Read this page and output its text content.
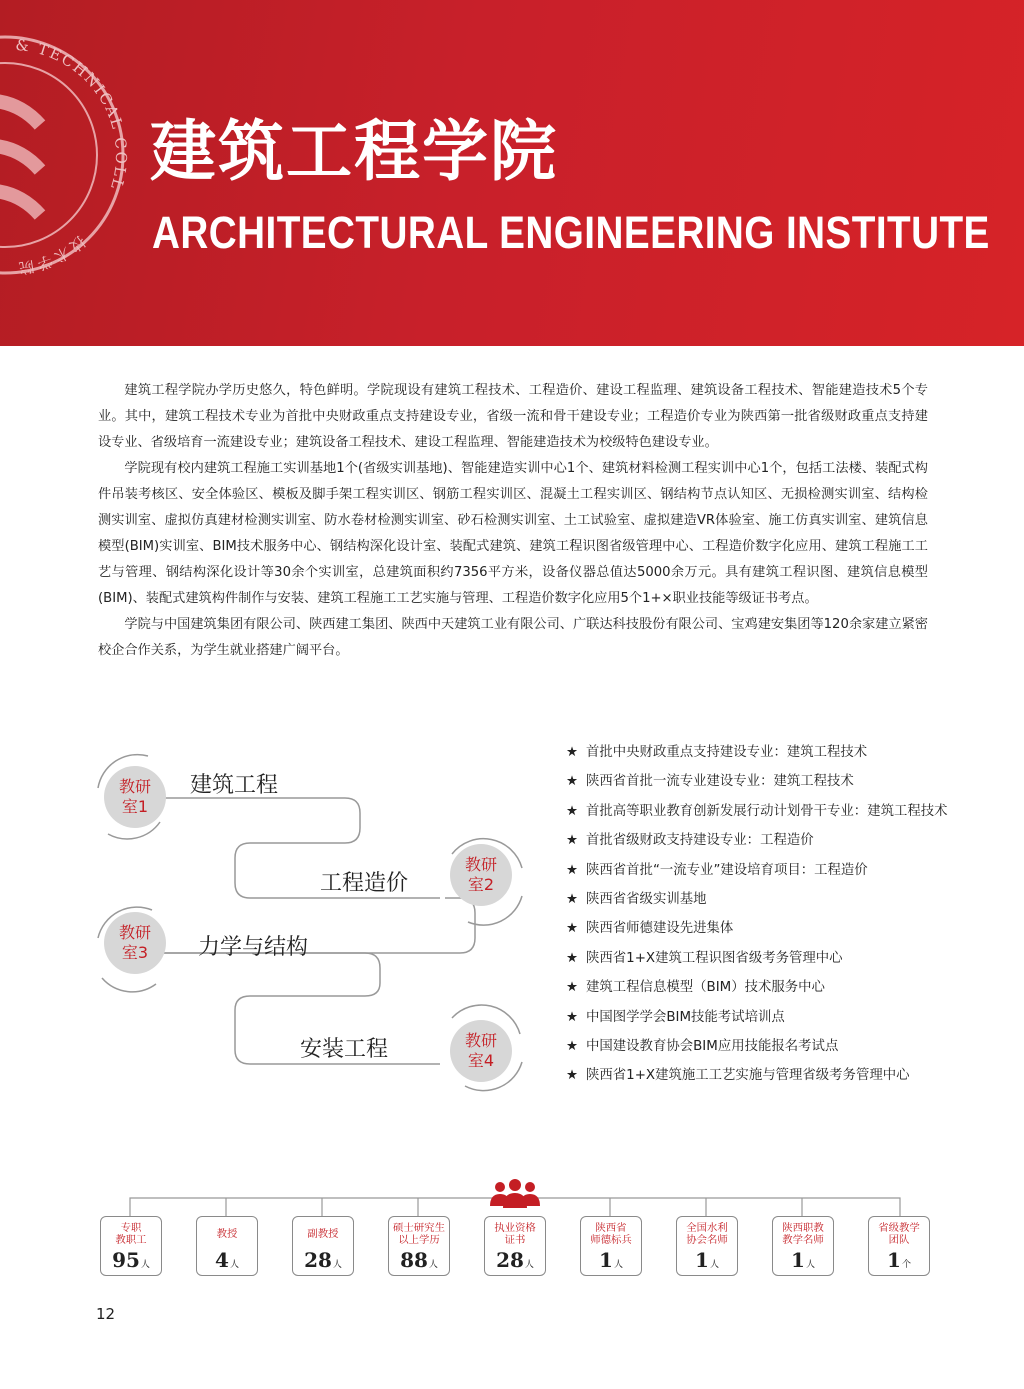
& TECHNICAL COLL
技术学院
建筑工程学院
ARCHITECTURAL ENGINEERING INSTITUTE

建筑工程学院办学历史悠久，特色鲜明。学院现设有建筑工程技术、工程造价、建设工程监理、建筑设备工程技术、智能建造技术5个专业。其中，建筑工程技术专业为首批中央财政重点支持建设专业，省级一流和骨干建设专业；工程造价专业为陕西第一批省级财政重点支持建设专业、省级培育一流建设专业；建筑设备工程技术、建设工程监理、智能建造技术为校级特色建设专业。

学院现有校内建筑工程施工实训基地1个(省级实训基地)、智能建造实训中心1个、建筑材料检测工程实训中心1个，包括工法楼、装配式构件吊装考核区、安全体验区、模板及脚手架工程实训区、钢筋工程实训区、混凝土工程实训区、钢结构节点认知区、无损检测实训室、结构检测实训室、虚拟仿真建材检测实训室、防水卷材检测实训室、砂石检测实训室、土工试验室、虚拟建造VR体验室、施工仿真实训室、建筑信息模型(BIM)实训室、BIM技术服务中心、钢结构深化设计室、装配式建筑、建筑工程识图省级管理中心、工程造价数字化应用、建筑工程施工工艺与管理、钢结构深化设计等30余个实训室，总建筑面积约7356平方米，设备仪器总值达5000余万元。具有建筑工程识图、建筑信息模型(BIM)、装配式建筑构件制作与安装、建筑工程施工工艺实施与管理、工程造价数字化应用5个1+×职业技能等级证书考点。

学院与中国建筑集团有限公司、陕西建工集团、陕西中天建筑工业有限公司、广联达科技股份有限公司、宝鸡建安集团等120余家建立紧密校企合作关系，为学生就业搭建广阔平台。

教研
室1
建筑工程
教研
室2
工程造价
教研
室3 力学与结构
教研
室4
安装工程
★ 首批中央财政重点支持建设专业：建筑工程技术
★ 陕西省首批一流专业建设专业：建筑工程技术
★ 首批高等职业教育创新发展行动计划骨干专业：建筑工程技术
★ 首批省级财政支持建设专业：工程造价
★ 陕西省首批“一流专业”建设培育项目：工程造价
★ 陕西省省级实训基地
★ 陕西省师德建设先进集体
★ 陕西省1+X建筑工程识图省级考务管理中心
★ 建筑工程信息模型（BIM）技术服务中心
★ 中国图学学会BIM技能考试培训点
★ 中国建设教育协会BIM应用技能报名考试点
★ 陕西省1+X建筑施工工艺实施与管理省级考务管理中心
专职
教职工
95人
教授
4人
副教授
28人
硕士研究生
以上学历
88人
执业资格
证书
28人
陕西省
师德标兵
1人
全国水利
协会名师
1人
陕西职教
教学名师
1人
省级教学
团队
1个
12
